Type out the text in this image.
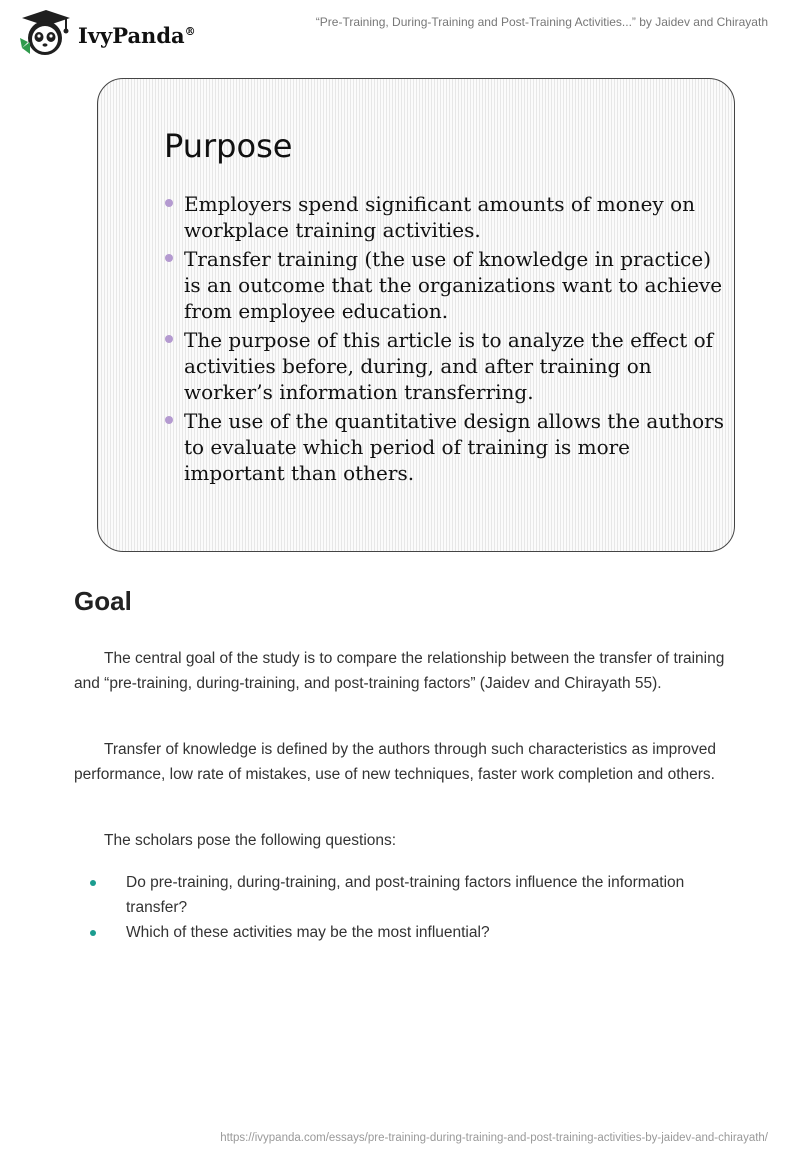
IvyPanda®
“Pre-Training, During-Training and Post-Training Activities...” by Jaidev and Chirayath
Purpose
Employers spend significant amounts of money on workplace training activities.
Transfer training (the use of knowledge in practice) is an outcome that the organizations want to achieve from employee education.
The purpose of this article is to analyze the effect of activities before, during, and after training on worker’s information transferring.
The use of the quantitative design allows the authors to evaluate which period of training is more important than others.
Goal

The central goal of the study is to compare the relationship between the transfer of training and “pre-training, during-training, and post-training factors” (Jaidev and Chirayath 55).

Transfer of knowledge is defined by the authors through such characteristics as improved performance, low rate of mistakes, use of new techniques, faster work completion and others.

The scholars pose the following questions:

Do pre-training, during-training, and post-training factors influence the information transfer?
Which of these activities may be the most influential?
https://ivypanda.com/essays/pre-training-during-training-and-post-training-activities-by-jaidev-and-chirayath/
